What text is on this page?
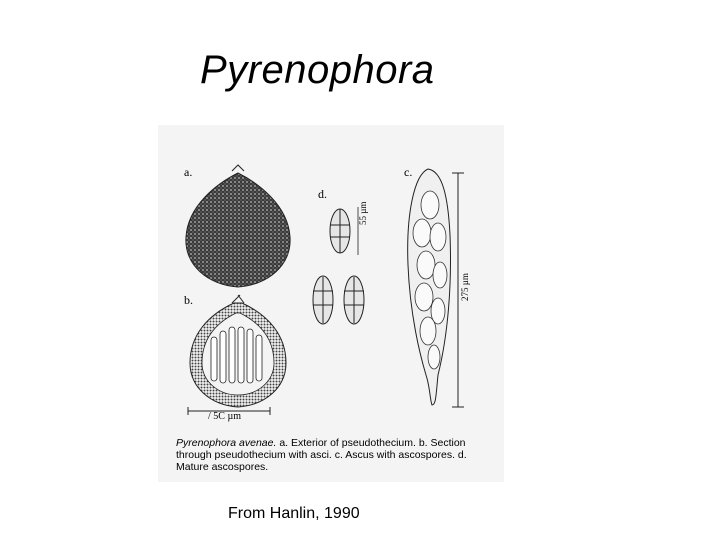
Pyrenophora
a.
b.
c.
d.
/ 5C µm
55 µm
275 µm
Pyrenophora avenae. a. Exterior of pseudothecium. b. Section through pseudothecium with asci. c. Ascus with ascospores. d. Mature ascospores.
From Hanlin, 1990
